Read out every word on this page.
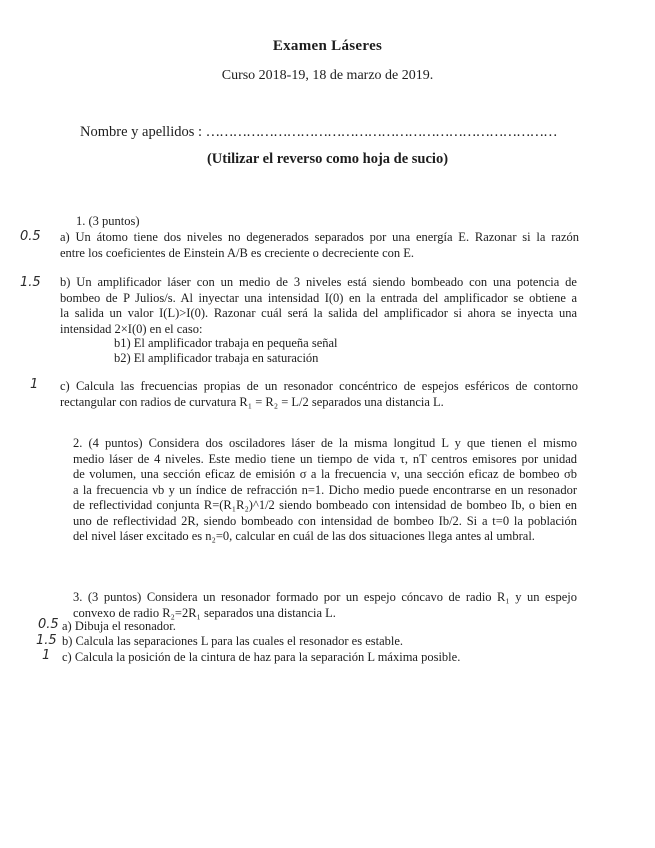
Examen Láseres
Curso 2018-19, 18 de marzo de 2019.
Nombre y apellidos : ……………………………………………………………………
(Utilizar el reverso como hoja de sucio)
1. (3 puntos)
0.5 a) Un átomo tiene dos niveles no degenerados separados por una energía E. Razonar si la razón
entre los coeficientes de Einstein A/B es creciente o decreciente con E.
1.5 b) Un amplificador láser con un medio de 3 niveles está siendo bombeado con una potencia de
bombeo de P Julios/s. Al inyectar una intensidad I(0) en la entrada del amplificador se obtiene a
la salida un valor I(L)>I(0). Razonar cuál será la salida del amplificador si ahora se inyecta una
intensidad 2×I(0) en el caso:
b1) El amplificador trabaja en pequeña señal
b2) El amplificador trabaja en saturación
1 c) Calcula las frecuencias propias de un resonador concéntrico de espejos esféricos de contorno
rectangular con radios de curvatura R₁ = R₂ = L/2 separados una distancia L.
2. (4 puntos) Considera dos osciladores láser de la misma longitud L y que tienen el mismo
medio láser de 4 niveles. Este medio tiene un tiempo de vida τ, nT centros emisores por unidad
de volumen, una sección eficaz de emisión σ a la frecuencia ν, una sección eficaz de bombeo σb
a la frecuencia νb y un índice de refracción n=1. Dicho medio puede encontrarse en un resonador
de reflectividad conjunta R=(R₁R₂)^1/2 siendo bombeado con intensidad de bombeo Ib, o bien en
uno de reflectividad 2R, siendo bombeado con intensidad de bombeo Ib/2. Si a t=0 la población
del nivel láser excitado es n₂=0, calcular en cuál de las dos situaciones llega antes al umbral.
3. (3 puntos) Considera un resonador formado por un espejo cóncavo de radio R₁ y un espejo
convexo de radio R₂=2R₁ separados una distancia L.
0.5 a) Dibuja el resonador.
1.5 b) Calcula las separaciones L para las cuales el resonador es estable.
1 c) Calcula la posición de la cintura de haz para la separación L máxima posible.
